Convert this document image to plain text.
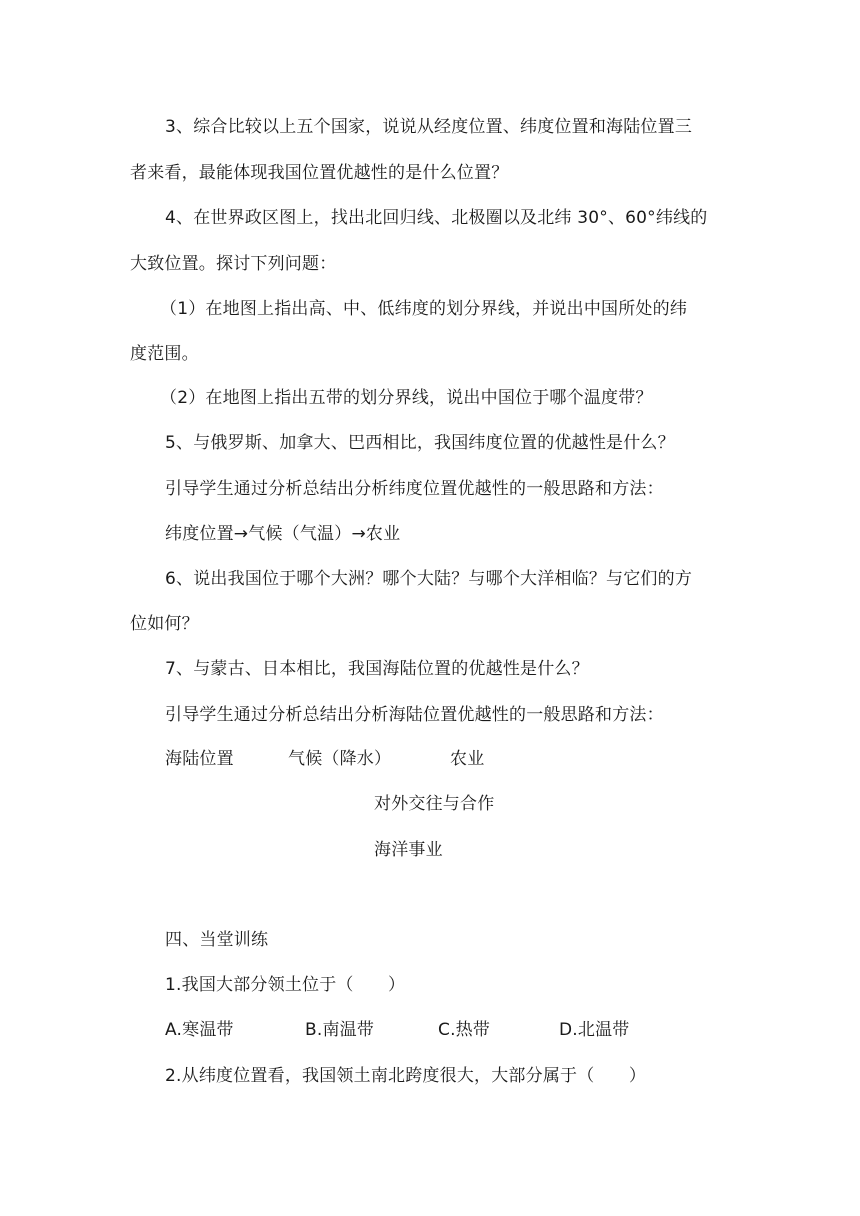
3、综合比较以上五个国家，说说从经度位置、纬度位置和海陆位置三
者来看，最能体现我国位置优越性的是什么位置？
4、在世界政区图上，找出北回归线、北极圈以及北纬 30°、60°纬线的
大致位置。探讨下列问题：
（1）在地图上指出高、中、低纬度的划分界线，并说出中国所处的纬
度范围。
（2）在地图上指出五带的划分界线，说出中国位于哪个温度带？
5、与俄罗斯、加拿大、巴西相比，我国纬度位置的优越性是什么？
引导学生通过分析总结出分析纬度位置优越性的一般思路和方法：
纬度位置→气候（气温）→农业
6、说出我国位于哪个大洲？哪个大陆？与哪个大洋相临？与它们的方
位如何？
7、与蒙古、日本相比，我国海陆位置的优越性是什么？
引导学生通过分析总结出分析海陆位置优越性的一般思路和方法：
海陆位置	气候（降水）	农业
对外交往与合作
海洋事业
四、当堂训练
1.我国大部分领土位于（　　）
A.寒温带	B.南温带	C.热带	D.北温带
2.从纬度位置看，我国领土南北跨度很大，大部分属于（　　）
